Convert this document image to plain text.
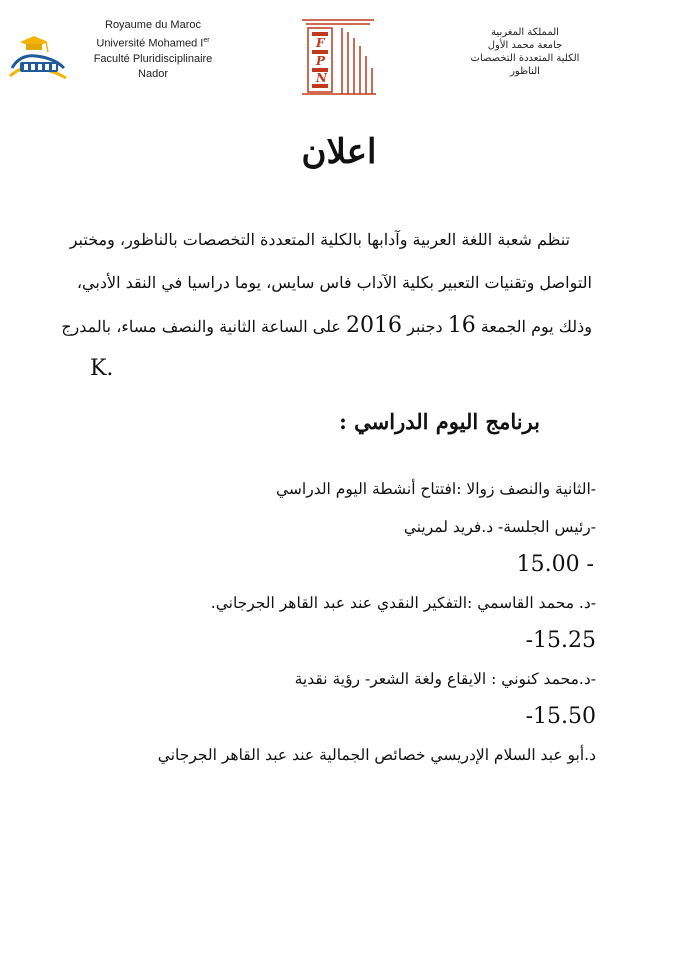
Royaume du Maroc
Université Mohamed Ier
Faculté Pluridisciplinaire
Nador
F
P
N
المملكة المغربية
جامعة محمد الأول
الكلية المتعددة التخصصات
الناظور
اعلان
تنظم شعبة اللغة العربية وآدابها بالكلية المتعددة التخصصات بالناظور، ومختبر
التواصل وتقنيات التعبير بكلية الآداب فاس سايس، يوما دراسيا في النقد الأدبي،
وذلك يوم الجمعة 16 دجنبر 2016 على الساعة الثانية والنصف مساء، بالمدرج
K.
برنامج اليوم الدراسي :
-الثانية والنصف زوالا :افتتاح أنشطة اليوم الدراسي
-رئيس الجلسة- د.فريد لمريني
15.00 -
-د. محمد القاسمي :التفكير النقدي عند عبد القاهر الجرجاني.
-15.25
-د.محمد كنوني : الايقاع ولغة الشعر- رؤية نقدية
-15.50
د.أبو عبد السلام الإدريسي خصائص الجمالية عند عبد القاهر الجرجاني
